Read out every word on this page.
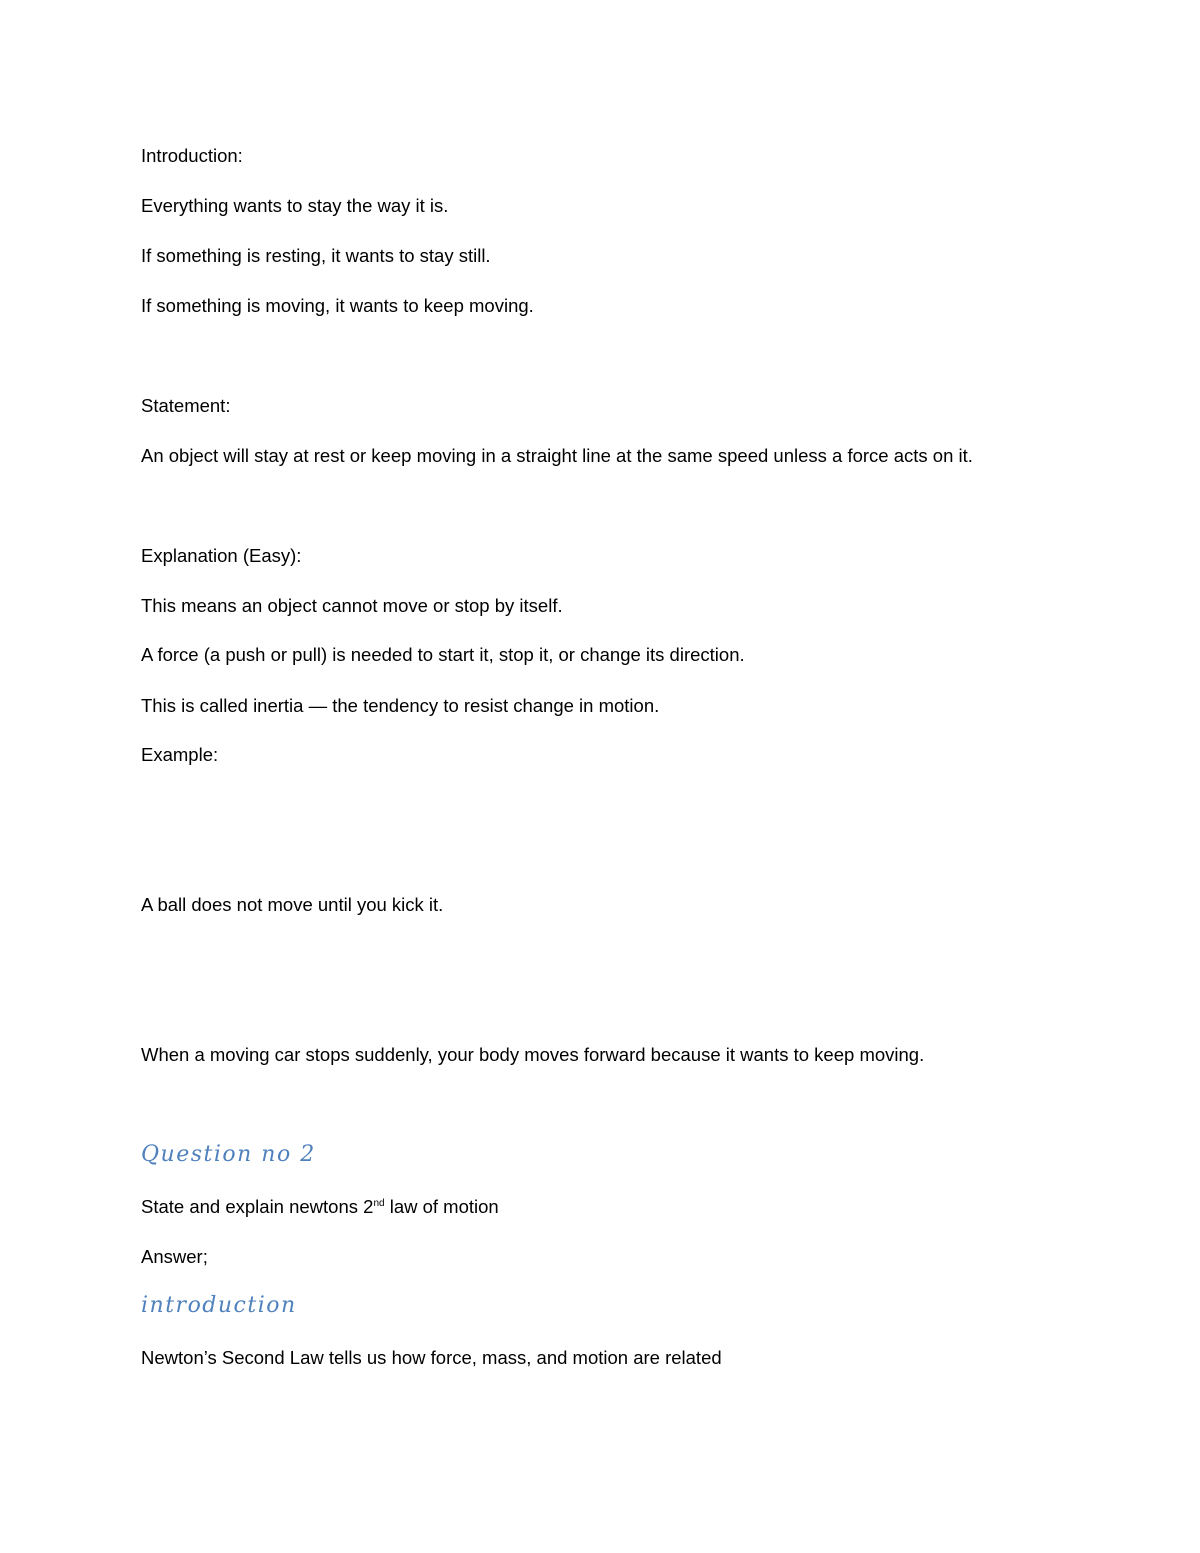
Introduction:
Everything wants to stay the way it is.
If something is resting, it wants to stay still.
If something is moving, it wants to keep moving.
Statement:
An object will stay at rest or keep moving in a straight line at the same speed unless a force acts on it.
Explanation (Easy):
This means an object cannot move or stop by itself.
A force (a push or pull) is needed to start it, stop it, or change its direction.
This is called inertia — the tendency to resist change in motion.
Example:
A ball does not move until you kick it.
When a moving car stops suddenly, your body moves forward because it wants to keep moving.
Question no 2
State and explain newtons 2nd law of motion
Answer;
introduction
Newton’s Second Law tells us how force, mass, and motion are related
